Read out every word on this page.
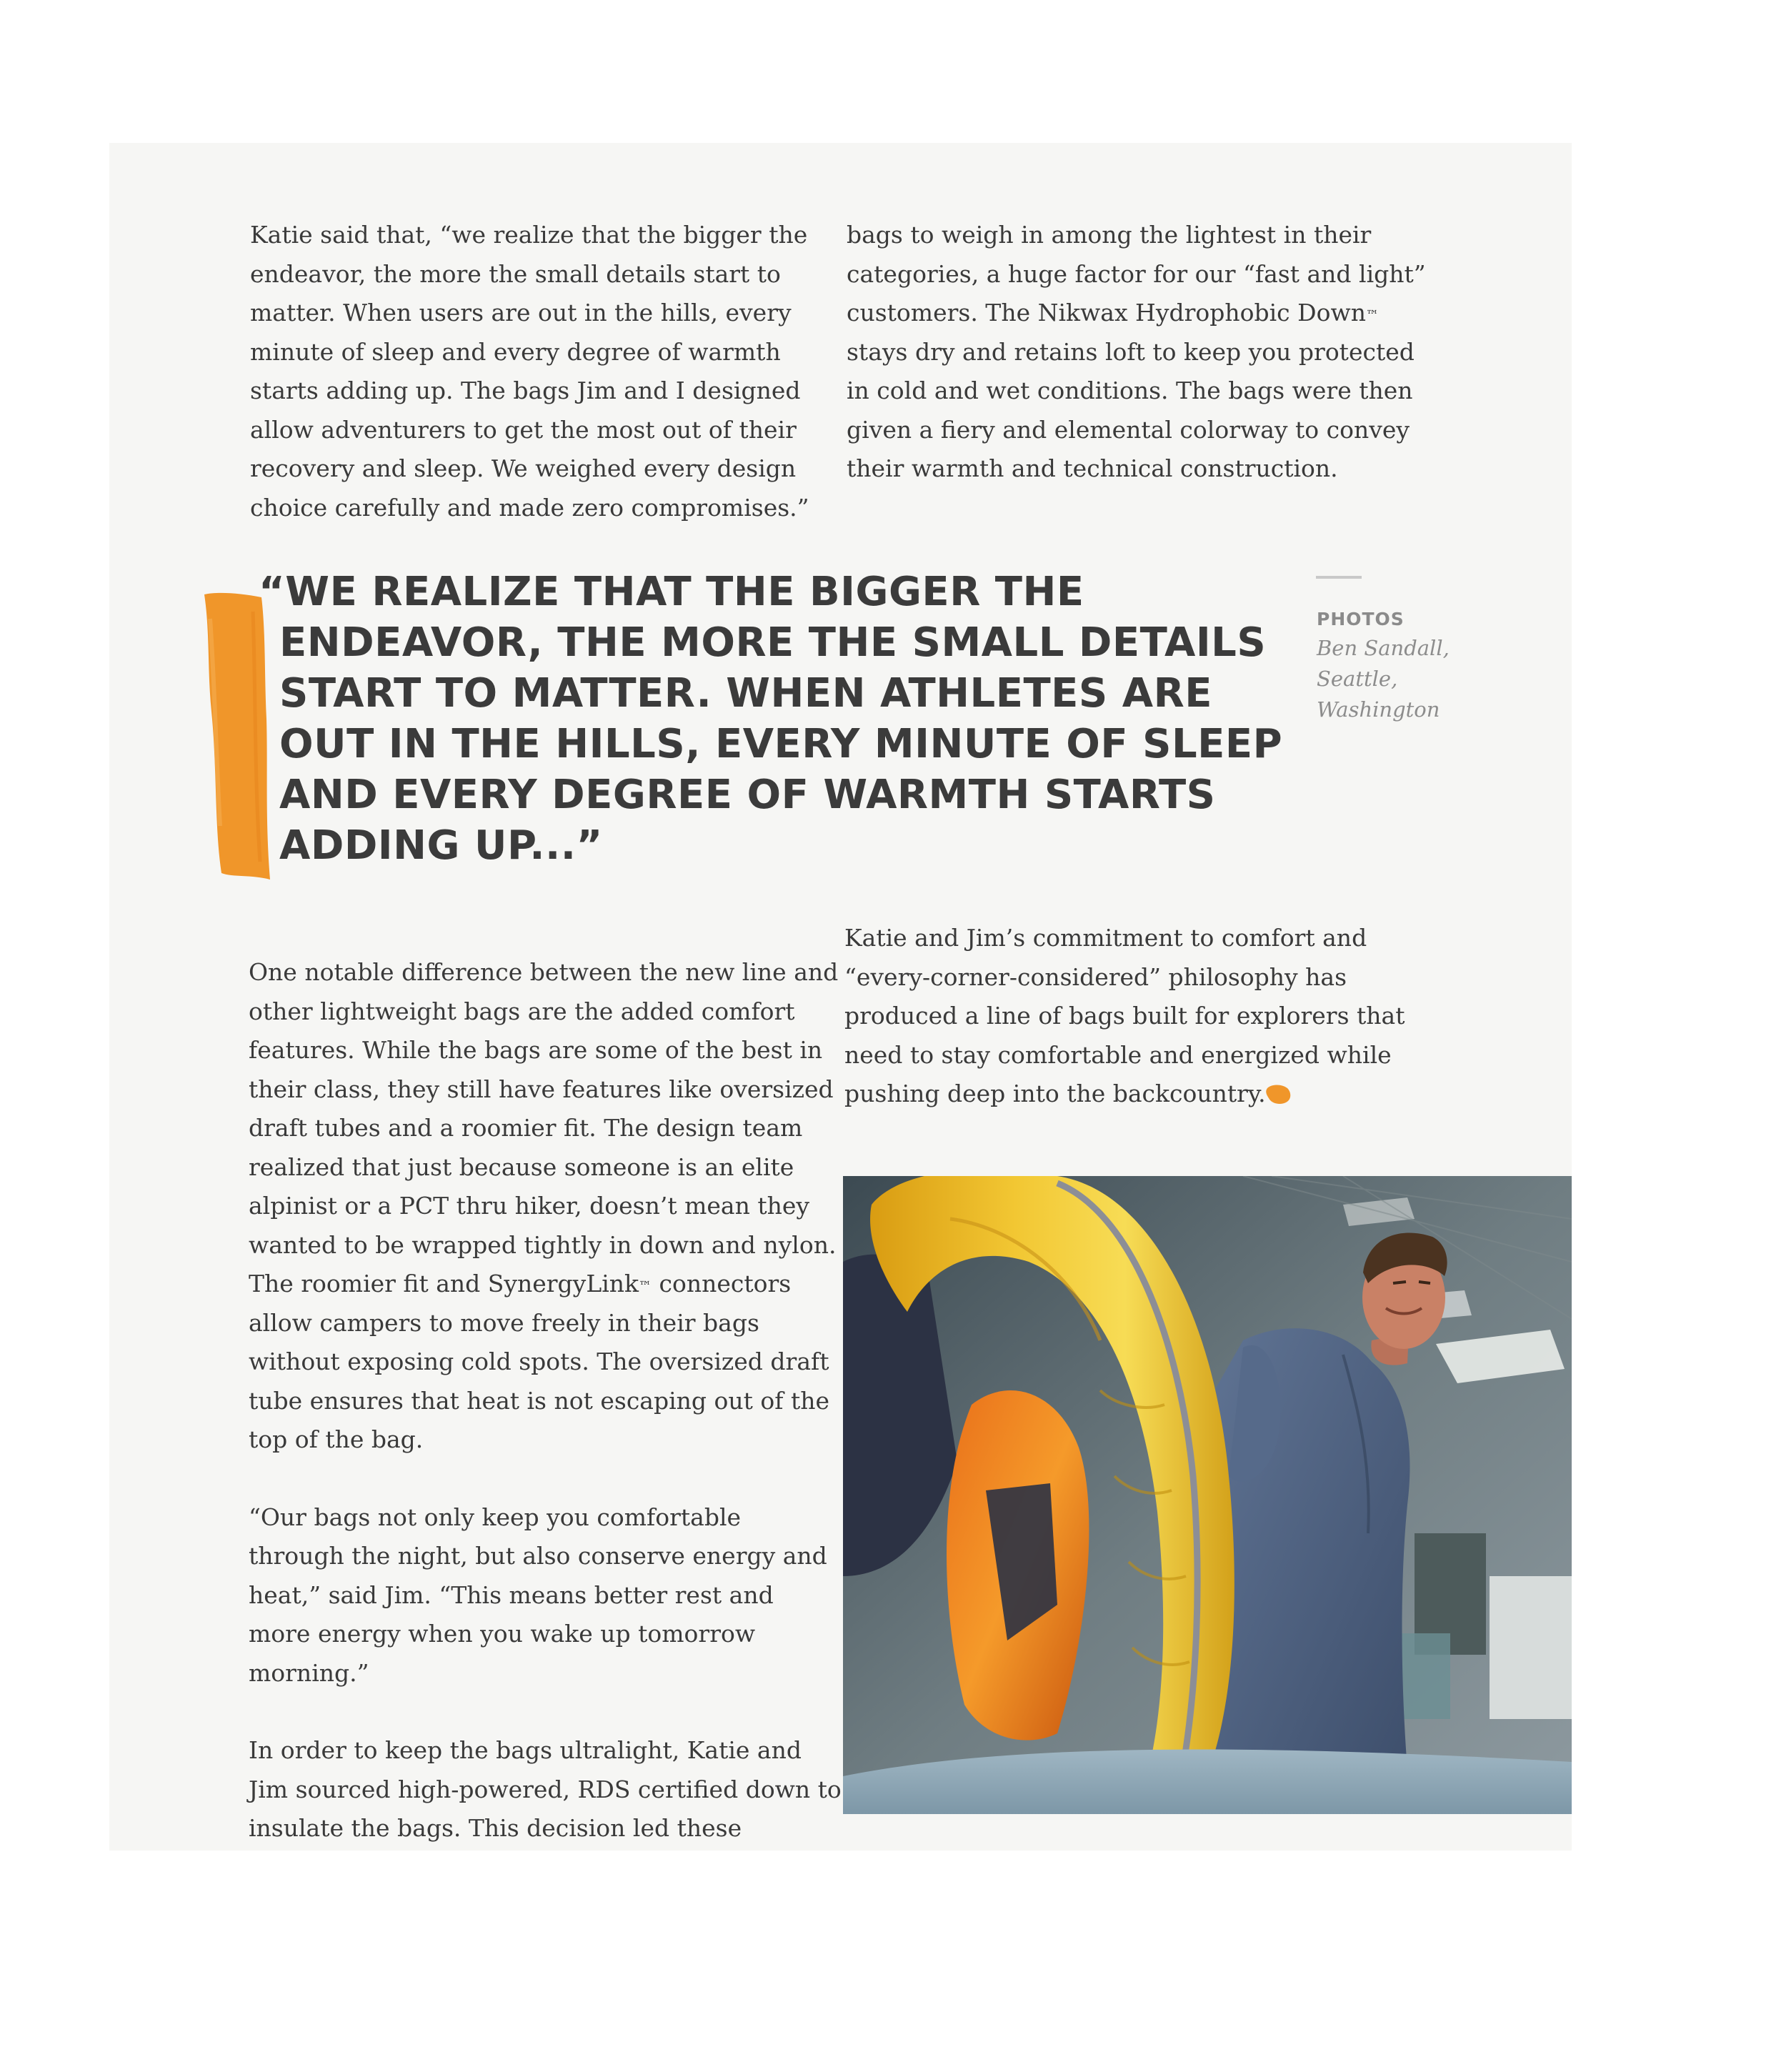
Katie said that, “we realize that the bigger the endeavor, the more the small details start to matter. When users are out in the hills, every minute of sleep and every degree of warmth starts adding up. The bags Jim and I designed allow adventurers to get the most out of their recovery and sleep. We weighed every design choice carefully and made zero compromises.”

bags to weigh in among the lightest in their categories, a huge factor for our “fast and light” customers. The Nikwax Hydrophobic Down™ stays dry and retains loft to keep you protected in cold and wet conditions. The bags were then given a fiery and elemental colorway to convey their warmth and technical construction.

“WE REALIZE THAT THE BIGGER THE
ENDEAVOR, THE MORE THE SMALL DETAILS
START TO MATTER. WHEN ATHLETES ARE
OUT IN THE HILLS, EVERY MINUTE OF SLEEP
AND EVERY DEGREE OF WARMTH STARTS
ADDING UP...”
PHOTOS
Ben Sandall,
Seattle,
Washington

One notable difference between the new line and other lightweight bags are the added comfort features. While the bags are some of the best in their class, they still have features like oversized draft tubes and a roomier fit. The design team realized that just because someone is an elite alpinist or a PCT thru hiker, doesn’t mean they wanted to be wrapped tightly in down and nylon. The roomier fit and SynergyLink™ connectors allow campers to move freely in their bags without exposing cold spots. The oversized draft tube ensures that heat is not escaping out of the top of the bag.

“Our bags not only keep you comfortable through the night, but also conserve energy and heat,” said Jim. “This means better rest and more energy when you wake up tomorrow morning.”

In order to keep the bags ultralight, Katie and Jim sourced high-powered, RDS certified down to insulate the bags. This decision led these

Katie and Jim’s commitment to comfort and “every-corner-considered” philosophy has produced a line of bags built for explorers that need to stay comfortable and energized while pushing deep into the backcountry.
